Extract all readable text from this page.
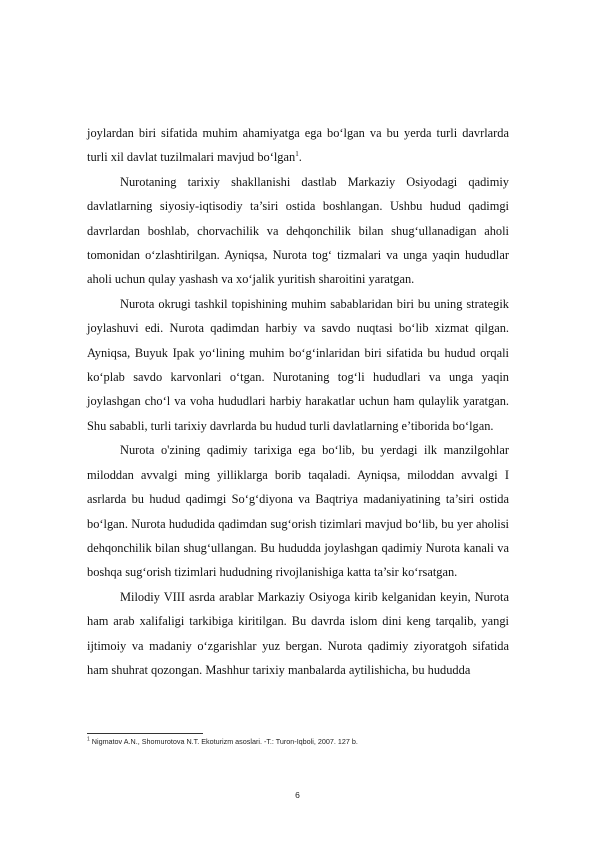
joylardan biri sifatida muhim ahamiyatga ega bo‘lgan va bu yerda turli davrlarda turli xil davlat tuzilmalari mavjud bo‘lgan$^1$.

Nurotaning tarixiy shakllanishi dastlab Markaziy Osiyodagi qadimiy davlatlarning siyosiy-iqtisodiy ta’siri ostida boshlangan. Ushbu hudud qadimgi davrlardan boshlab, chorvachilik va dehqonchilik bilan shug‘ullanadigan aholi tomonidan o‘zlashtirilgan. Ayniqsa, Nurota tog‘ tizmalari va unga yaqin hududlar aholi uchun qulay yashash va xo‘jalik yuritish sharoitini yaratgan.

Nurota okrugi tashkil topishining muhim sabablaridan biri bu uning strategik joylashuvi edi. Nurota qadimdan harbiy va savdo nuqtasi bo‘lib xizmat qilgan. Ayniqsa, Buyuk Ipak yo‘lining muhim bo‘g‘inlaridan biri sifatida bu hudud orqali ko‘plab savdo karvonlari o‘tgan. Nurotaning tog‘li hududlari va unga yaqin joylashgan cho‘l va voha hududlari harbiy harakatlar uchun ham qulaylik yaratgan. Shu sababli, turli tarixiy davrlarda bu hudud turli davlatlarning e’tiborida bo‘lgan.

Nurota o'zining qadimiy tarixiga ega bo‘lib, bu yerdagi ilk manzilgohlar miloddan avvalgi ming yilliklarga borib taqaladi. Ayniqsa, miloddan avvalgi I asrlarda bu hudud qadimgi So‘g‘diyona va Baqtriya madaniyatining ta’siri ostida bo‘lgan. Nurota hududida qadimdan sug‘orish tizimlari mavjud bo‘lib, bu yer aholisi dehqonchilik bilan shug‘ullangan. Bu hududda joylashgan qadimiy Nurota kanali va boshqa sug‘orish tizimlari hududning rivojlanishiga katta ta’sir ko‘rsatgan.

Milodiy VIII asrda arablar Markaziy Osiyoga kirib kelganidan keyin, Nurota ham arab xalifaligi tarkibiga kiritilgan. Bu davrda islom dini keng tarqalib, yangi ijtimoiy va madaniy o‘zgarishlar yuz bergan. Nurota qadimiy ziyoratgoh sifatida ham shuhrat qozongan. Mashhur tarixiy manbalarda aytilishicha, bu hududda

$^1$ Nigmatov A.N., Shomurotova N.T. Ekoturizm asoslari. -T.: Turon-Iqboli, 2007. 127 b.
6
